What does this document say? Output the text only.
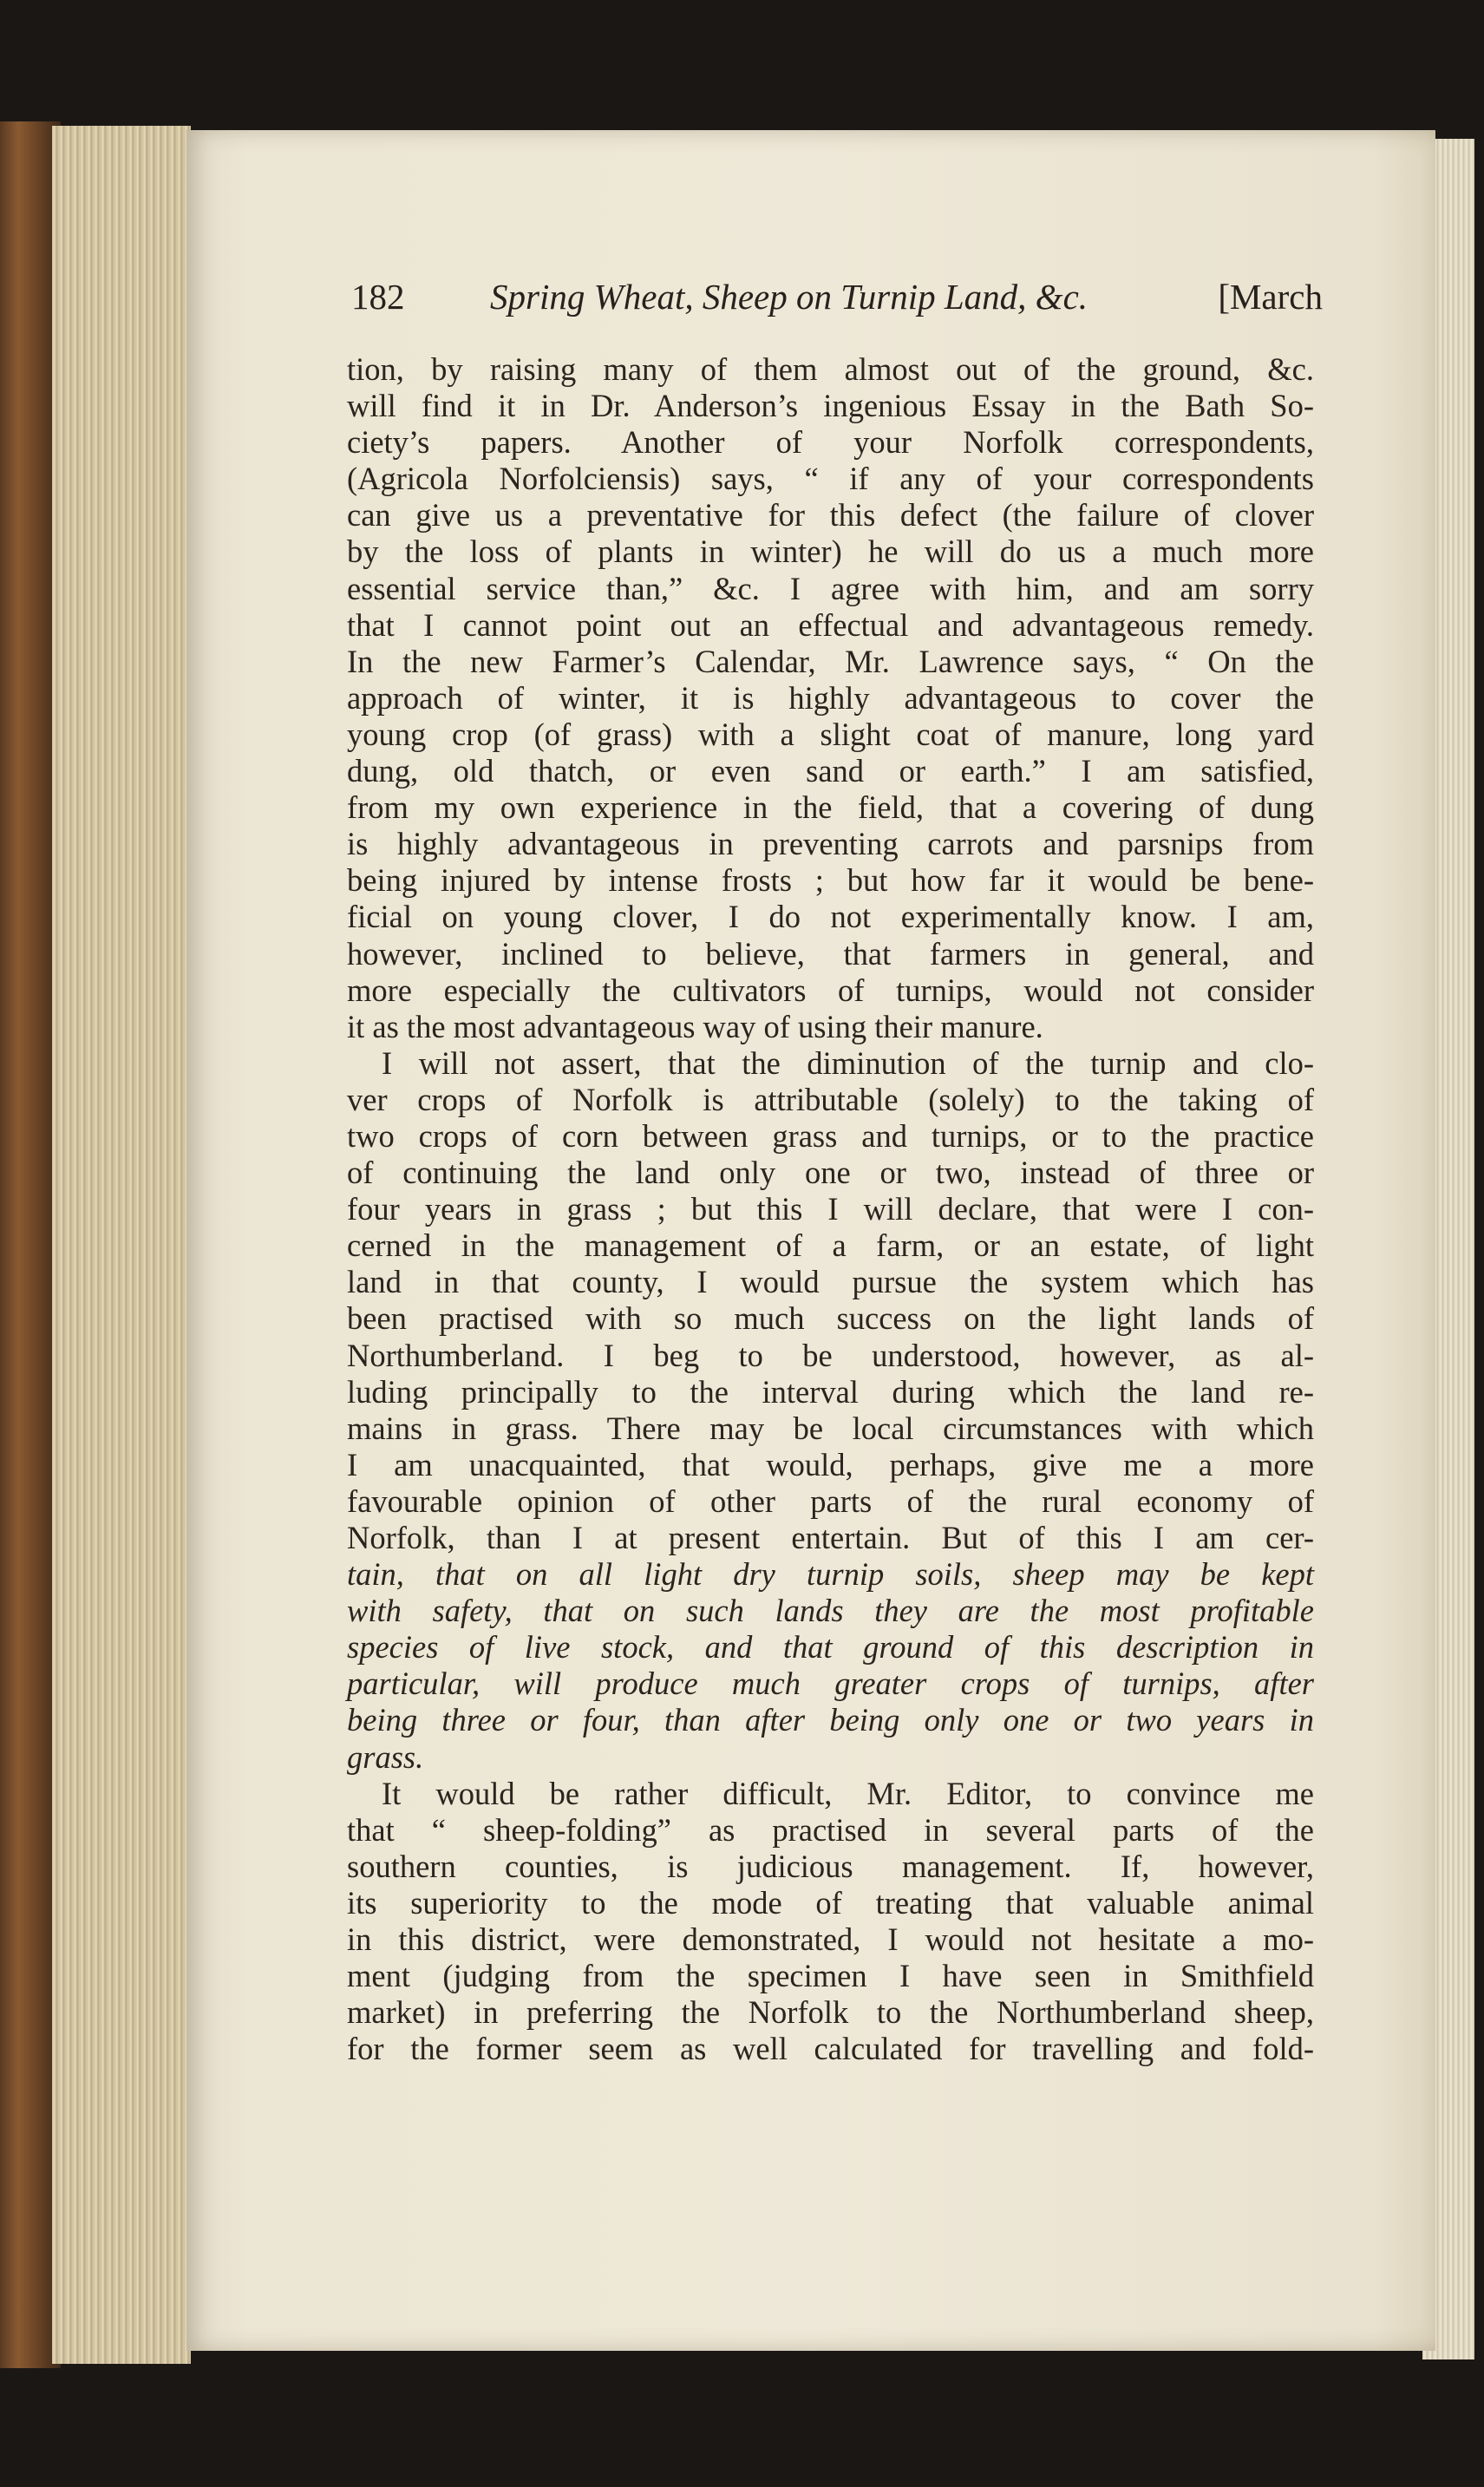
182 Spring Wheat, Sheep on Turnip Land, &c.	[March
tion, by raising many of them almost out of the ground, &c.
will find it in Dr. Anderson’s ingenious Essay in the Bath So-
ciety’s papers. Another of your Norfolk correspondents,
(Agricola Norfolciensis) says, “ if any of your correspondents
can give us a preventative for this defect (the failure of clover
by the loss of plants in winter) he will do us a much more
essential service than,” &c. I agree with him, and am sorry
that I cannot point out an effectual and advantageous remedy.
In the new Farmer’s Calendar, Mr. Lawrence says, “ On the
approach of winter, it is highly advantageous to cover the
young crop (of grass) with a slight coat of manure, long yard
dung, old thatch, or even sand or earth.” I am satisfied,
from my own experience in the field, that a covering of dung
is highly advantageous in preventing carrots and parsnips from
being injured by intense frosts ; but how far it would be bene-
ficial on young clover, I do not experimentally know. I am,
however, inclined to believe, that farmers in general, and
more especially the cultivators of turnips, would not consider
it as the most advantageous way of using their manure.
I will not assert, that the diminution of the turnip and clo-
ver crops of Norfolk is attributable (solely) to the taking of
two crops of corn between grass and turnips, or to the practice
of continuing the land only one or two, instead of three or
four years in grass ; but this I will declare, that were I con-
cerned in the management of a farm, or an estate, of light
land in that county, I would pursue the system which has
been practised with so much success on the light lands of
Northumberland. I beg to be understood, however, as al-
luding principally to the interval during which the land re-
mains in grass. There may be local circumstances with which
I am unacquainted, that would, perhaps, give me a more
favourable opinion of other parts of the rural economy of
Norfolk, than I at present entertain. But of this I am cer-
tain, that on all light dry turnip soils, sheep may be kept
with safety, that on such lands they are the most profitable
species of live stock, and that ground of this description in
particular, will produce much greater crops of turnips, after
being three or four, than after being only one or two years in
grass.
It would be rather difficult, Mr. Editor, to convince me
that “ sheep-folding” as practised in several parts of the
southern counties, is judicious management. If, however,
its superiority to the mode of treating that valuable animal
in this district, were demonstrated, I would not hesitate a mo-
ment (judging from the specimen I have seen in Smithfield
market) in preferring the Norfolk to the Northumberland sheep,
for the former seem as well calculated for travelling and fold-
